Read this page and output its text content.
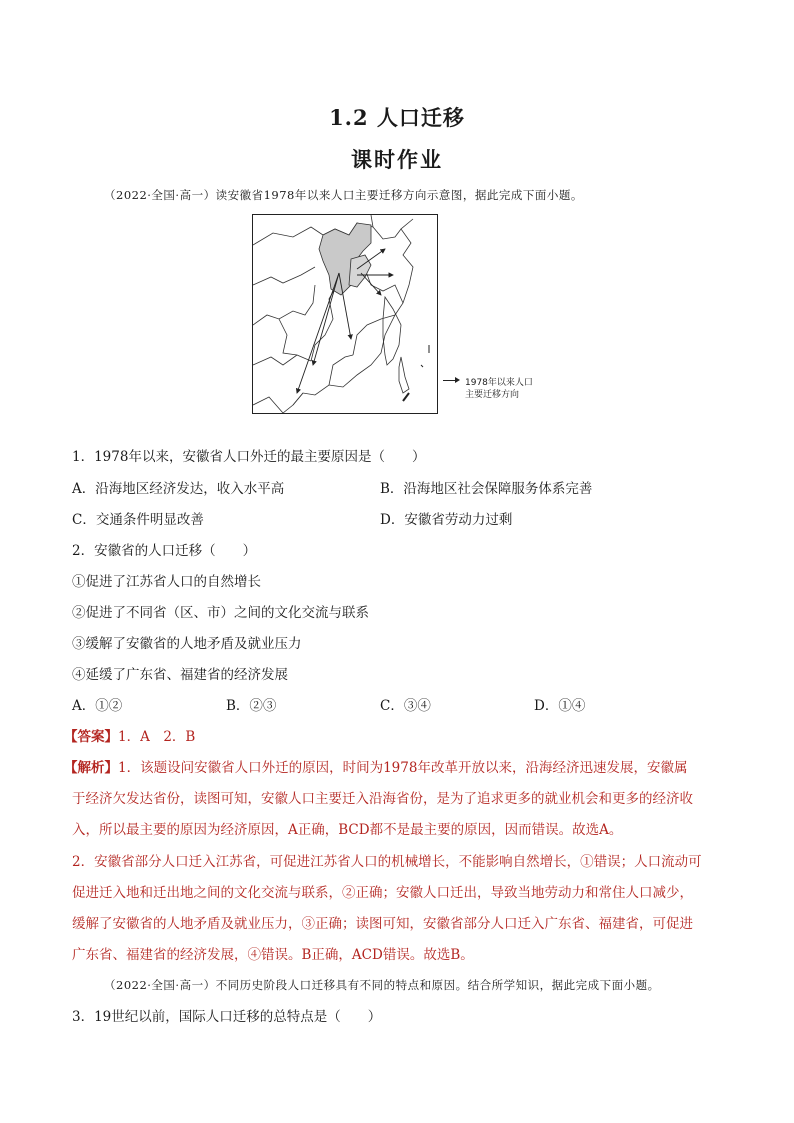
1.2 人口迁移
课时作业
（2022·全国·高一）读安徽省1978年以来人口主要迁移方向示意图，据此完成下面小题。
1978年以来人口
主要迁移方向
1．1978年以来，安徽省人口外迁的最主要原因是（　　）
A．沿海地区经济发达，收入水平高	B．沿海地区社会保障服务体系完善
C．交通条件明显改善	D．安徽省劳动力过剩
2．安徽省的人口迁移（　　）
①促进了江苏省人口的自然增长
②促进了不同省（区、市）之间的文化交流与联系
③缓解了安徽省的人地矛盾及就业压力
④延缓了广东省、福建省的经济发展
A．①②	B．②③	C．③④	D．①④
【答案】1．A　2．B
【解析】1．该题设问安徽省人口外迁的原因，时间为1978年改革开放以来，沿海经济迅速发展，安徽属
于经济欠发达省份，读图可知，安徽人口主要迁入沿海省份，是为了追求更多的就业机会和更多的经济收
入，所以最主要的原因为经济原因，A正确，BCD都不是最主要的原因，因而错误。故选A。
2．安徽省部分人口迁入江苏省，可促进江苏省人口的机械增长，不能影响自然增长，①错误；人口流动可
促进迁入地和迁出地之间的文化交流与联系，②正确；安徽人口迁出，导致当地劳动力和常住人口减少，
缓解了安徽省的人地矛盾及就业压力，③正确；读图可知，安徽省部分人口迁入广东省、福建省，可促进
广东省、福建省的经济发展，④错误。B正确，ACD错误。故选B。
（2022·全国·高一）不同历史阶段人口迁移具有不同的特点和原因。结合所学知识，据此完成下面小题。
3．19世纪以前，国际人口迁移的总特点是（　　）
